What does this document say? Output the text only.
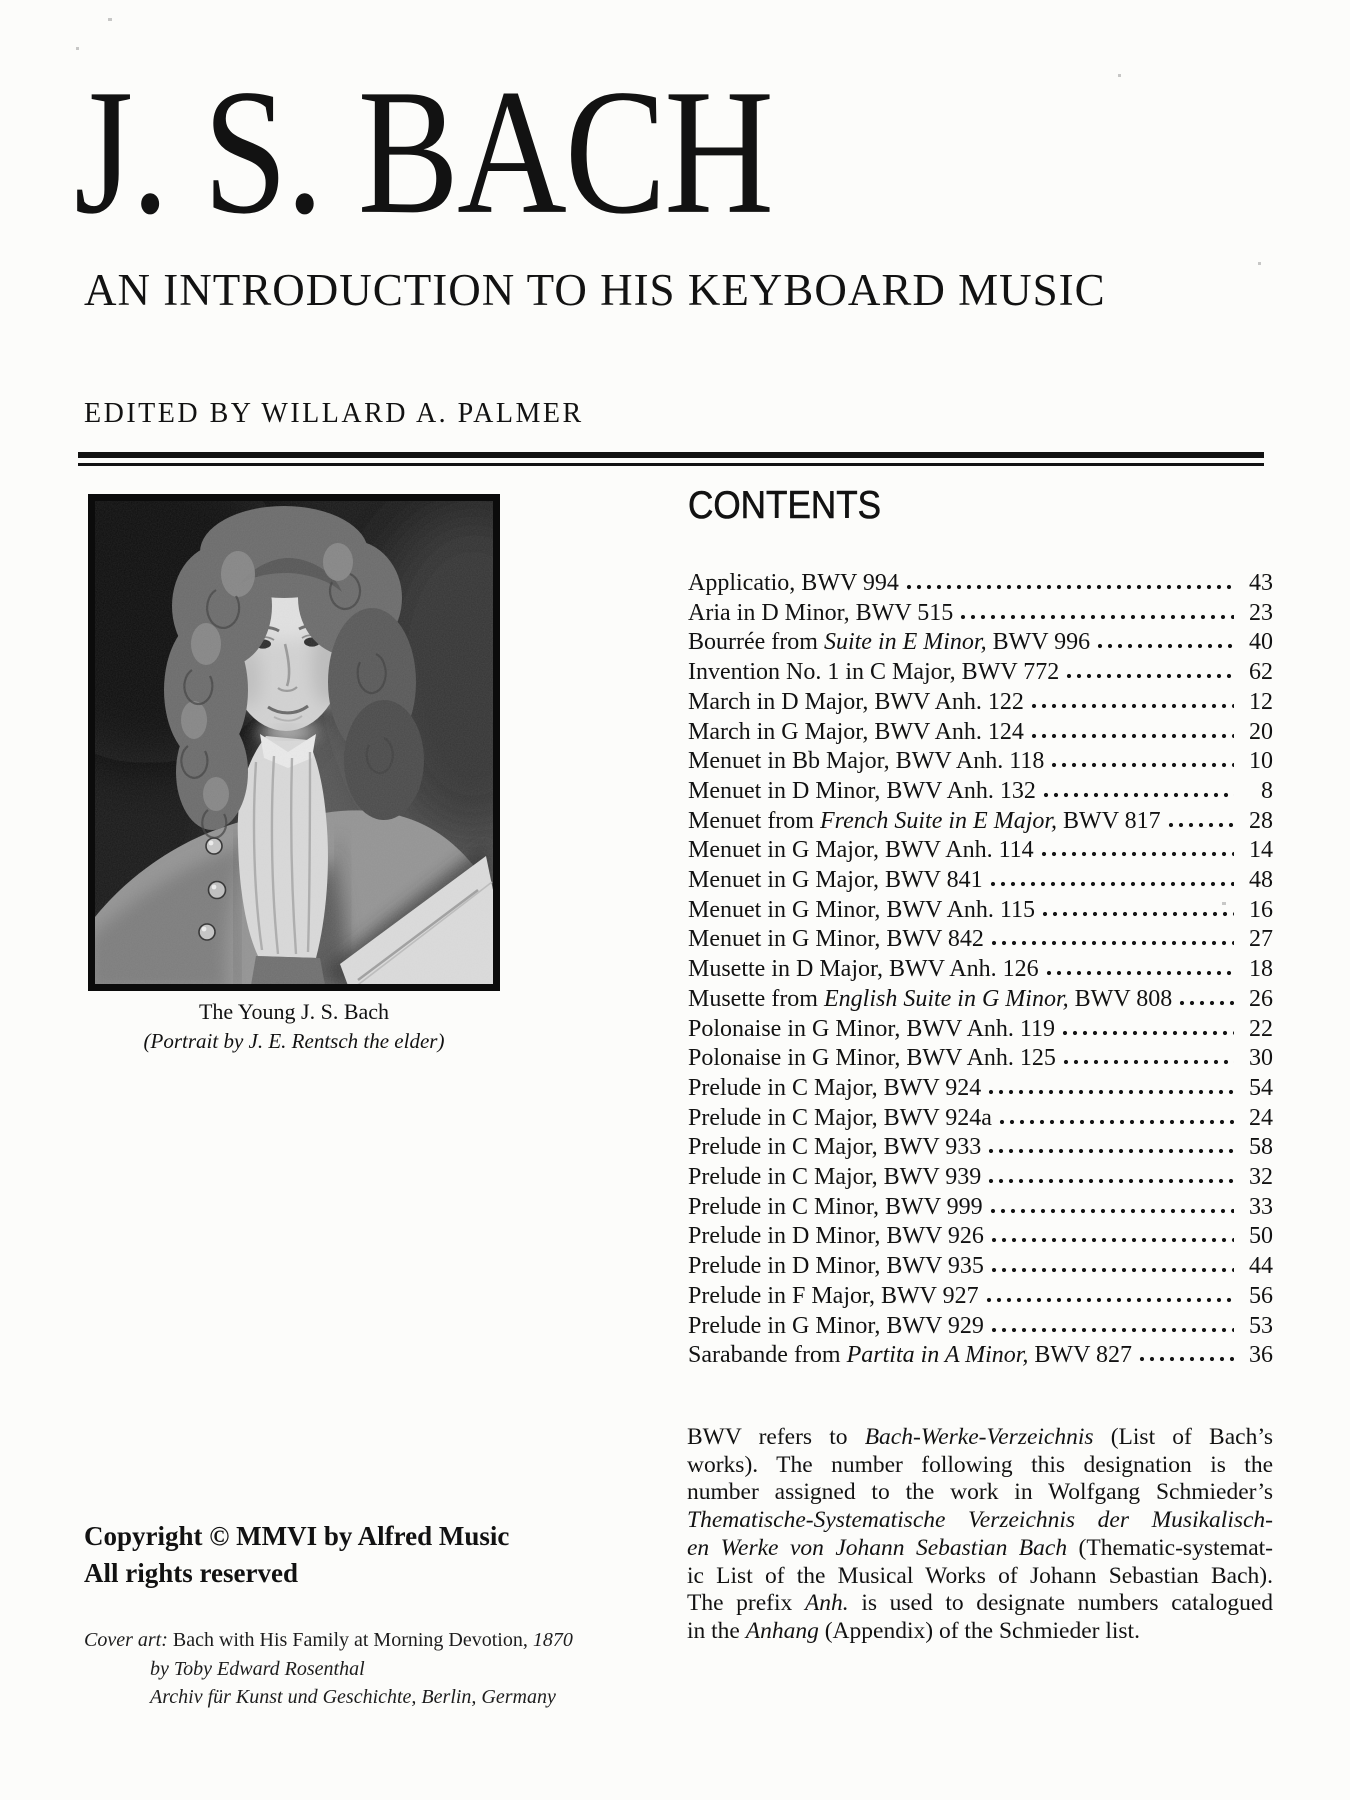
J. S. BACH
AN INTRODUCTION TO HIS KEYBOARD MUSIC
EDITED BY WILLARD A. PALMER
The Young J. S. Bach
(Portrait by J. E. Rentsch the elder)
CONTENTS
Applicatio, BWV 994	43
Aria in D Minor, BWV 515	23
Bourrée from Suite in E Minor, BWV 996	40
Invention No. 1 in C Major, BWV 772	62
March in D Major, BWV Anh. 122	12
March in G Major, BWV Anh. 124	20
Menuet in Bb Major, BWV Anh. 118	10
Menuet in D Minor, BWV Anh. 132	8
Menuet from French Suite in E Major, BWV 817	28
Menuet in G Major, BWV Anh. 114	14
Menuet in G Major, BWV 841	48
Menuet in G Minor, BWV Anh. 115	16
Menuet in G Minor, BWV 842	27
Musette in D Major, BWV Anh. 126	18
Musette from English Suite in G Minor, BWV 808	26
Polonaise in G Minor, BWV Anh. 119	22
Polonaise in G Minor, BWV Anh. 125	30
Prelude in C Major, BWV 924	54
Prelude in C Major, BWV 924a	24
Prelude in C Major, BWV 933	58
Prelude in C Major, BWV 939	32
Prelude in C Minor, BWV 999	33
Prelude in D Minor, BWV 926	50
Prelude in D Minor, BWV 935	44
Prelude in F Major, BWV 927	56
Prelude in G Minor, BWV 929	53
Sarabande from Partita in A Minor, BWV 827	36
BWV refers to Bach-Werke-Verzeichnis (List of Bach’s
works). The number following this designation is the
number assigned to the work in Wolfgang Schmieder’s
Thematische-Systematische Verzeichnis der Musikalisch-
en Werke von Johann Sebastian Bach (Thematic-systemat-
ic List of the Musical Works of Johann Sebastian Bach).
The prefix Anh. is used to designate numbers catalogued
in the Anhang (Appendix) of the Schmieder list.
Copyright © MMVI by Alfred Music
All rights reserved
Cover art: Bach with His Family at Morning Devotion, 1870
by Toby Edward Rosenthal
Archiv für Kunst und Geschichte, Berlin, Germany
